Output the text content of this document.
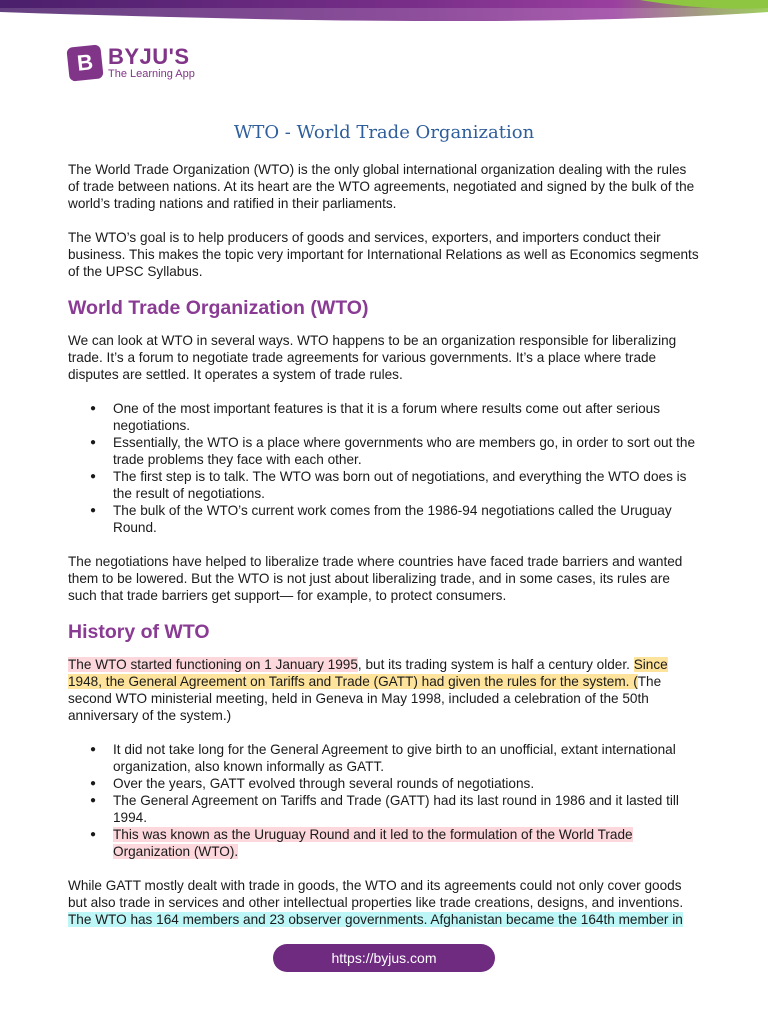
B BYJU'S
The Learning App
WTO - World Trade Organization

The World Trade Organization (WTO) is the only global international organization dealing with the rules of trade between nations. At its heart are the WTO agreements, negotiated and signed by the bulk of the world’s trading nations and ratified in their parliaments.

The WTO’s goal is to help producers of goods and services, exporters, and importers conduct their business. This makes the topic very important for International Relations as well as Economics segments of the UPSC Syllabus.

World Trade Organization (WTO)

We can look at WTO in several ways. WTO happens to be an organization responsible for liberalizing trade. It’s a forum to negotiate trade agreements for various governments. It’s a place where trade disputes are settled. It operates a system of trade rules.

● One of the most important features is that it is a forum where results come out after serious negotiations.
● Essentially, the WTO is a place where governments who are members go, in order to sort out the trade problems they face with each other.
● The first step is to talk. The WTO was born out of negotiations, and everything the WTO does is the result of negotiations.
● The bulk of the WTO’s current work comes from the 1986-94 negotiations called the Uruguay Round.

The negotiations have helped to liberalize trade where countries have faced trade barriers and wanted them to be lowered. But the WTO is not just about liberalizing trade, and in some cases, its rules are such that trade barriers get support— for example, to protect consumers.

History of WTO

The WTO started functioning on 1 January 1995, but its trading system is half a century older. Since 1948, the General Agreement on Tariffs and Trade (GATT) had given the rules for the system. (The second WTO ministerial meeting, held in Geneva in May 1998, included a celebration of the 50th anniversary of the system.)

● It did not take long for the General Agreement to give birth to an unofficial, extant international organization, also known informally as GATT.
● Over the years, GATT evolved through several rounds of negotiations.
● The General Agreement on Tariffs and Trade (GATT) had its last round in 1986 and it lasted till 1994.
● This was known as the Uruguay Round and it led to the formulation of the World Trade Organization (WTO).

While GATT mostly dealt with trade in goods, the WTO and its agreements could not only cover goods but also trade in services and other intellectual properties like trade creations, designs, and inventions. The WTO has 164 members and 23 observer governments. Afghanistan became the 164th member in

https://byjus.com
